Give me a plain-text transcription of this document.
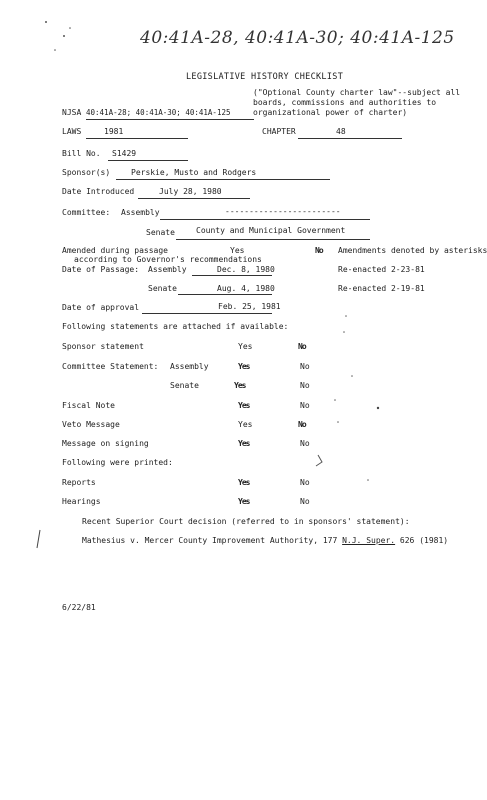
40:41A-28, 40:41A-30; 40:41A-125
LEGISLATIVE HISTORY CHECKLIST
("Optional County charter law"--subject all
boards, commissions and authorities to
organizational power of charter)
NJSA 40:41A-28; 40:41A-30; 40:41A-125
LAWS	1981	CHAPTER	48
Bill No. S1429
Sponsor(s)	Perskie, Musto and Rodgers
Date Introduced	July 28, 1980
Committee: Assembly	------------------------
Senate	County and Municipal Government
Amended during passage	Yes	No Amendments denoted by asterisks
according to Governor's recommendations
Date of Passage: Assembly	Dec. 8, 1980	Re-enacted 2-23-81
Senate	Aug. 4, 1980	Re-enacted 2-19-81
Date of approval	Feb. 25, 1981
Following statements are attached if available:
Sponsor statement	Yes	No
Committee Statement: Assembly	Yes	No
Senate	Yes	No
Fiscal Note	Yes	No
Veto Message	Yes	No
Message on signing	Yes	No
Following were printed:
Reports	Yes	No
Hearings	Yes	No
Recent Superior Court decision (referred to in sponsors' statement):
Mathesius v. Mercer County Improvement Authority, 177 N.J. Super. 626 (1981)
6/22/81
